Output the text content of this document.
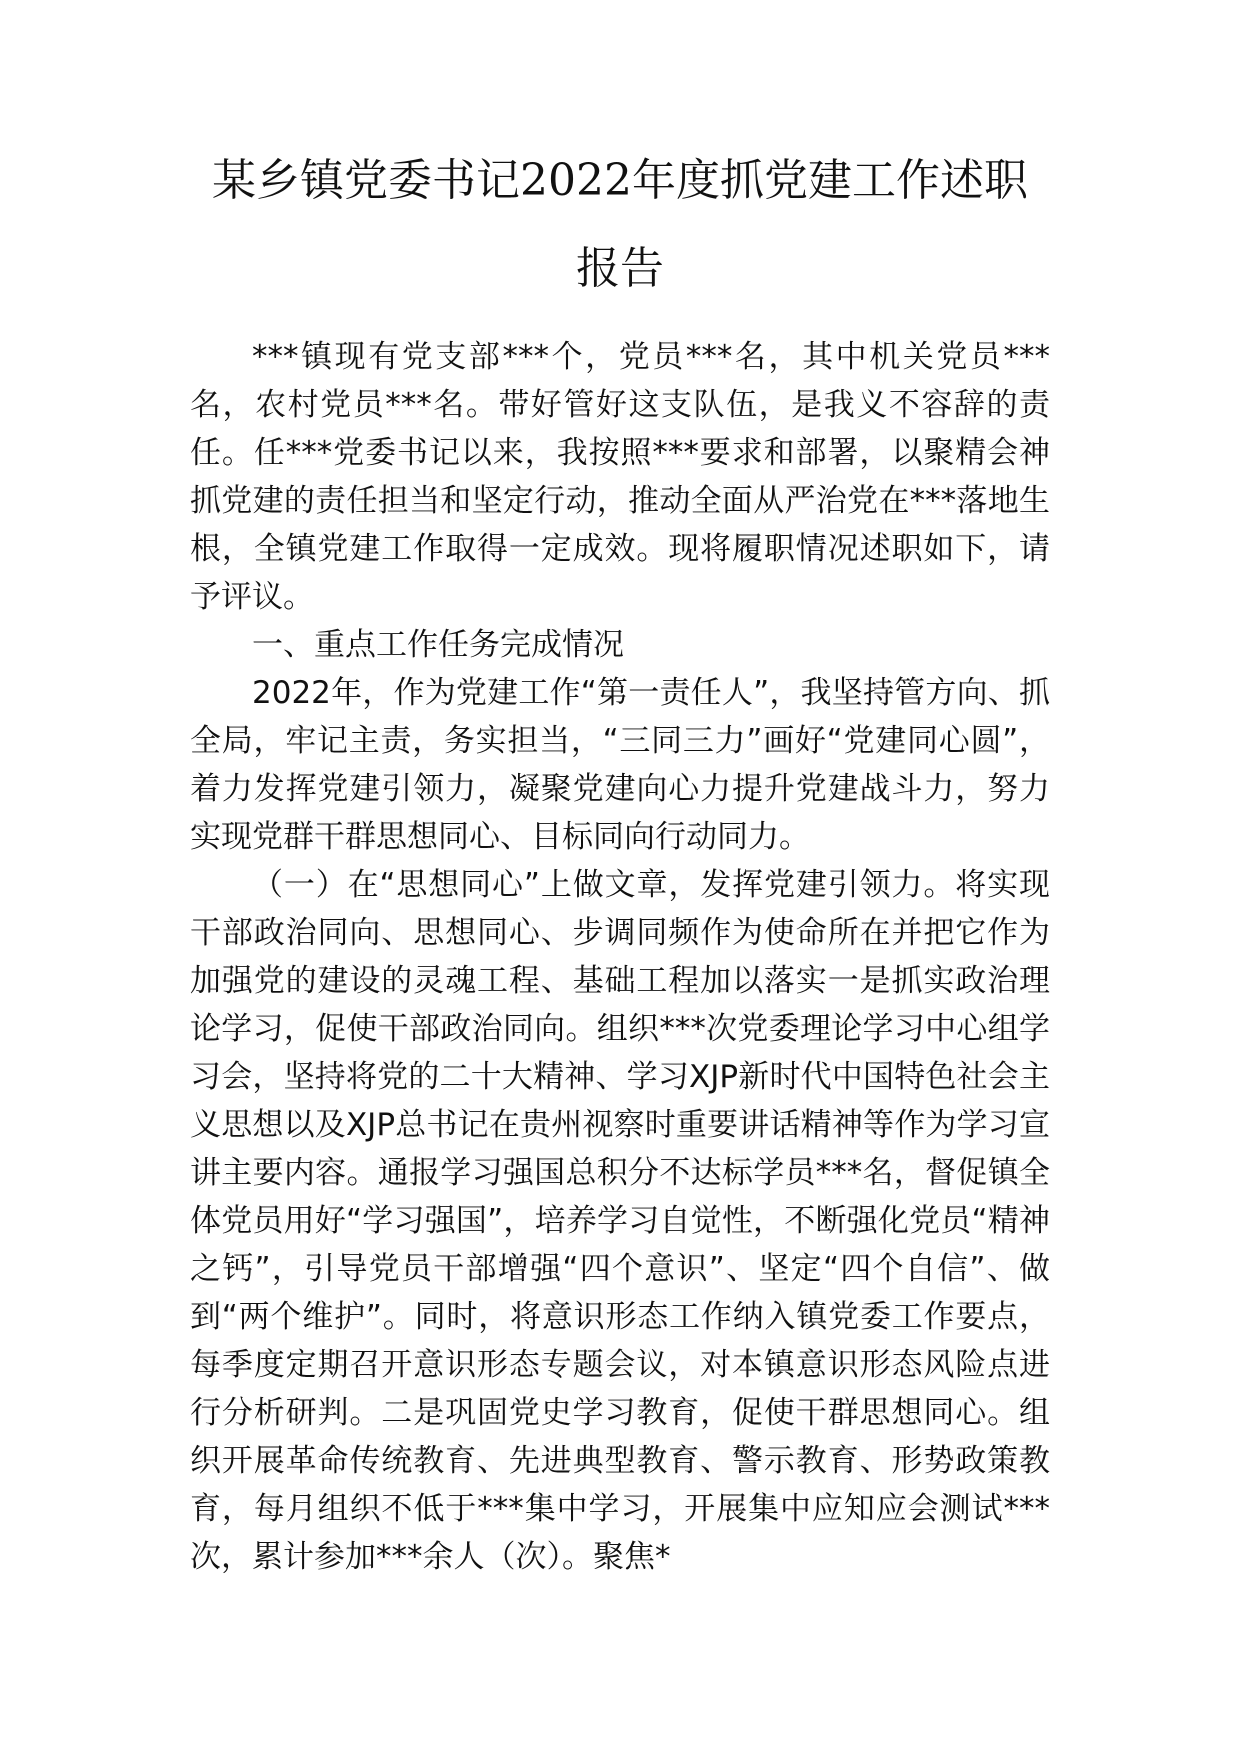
某乡镇党委书记2022年度抓党建工作述职
报告

***镇现有党支部***个，党员***名，其中机关党员***名，农村党员***名。带好管好这支队伍，是我义不容辞的责任。任***党委书记以来，我按照***要求和部署，以聚精会神抓党建的责任担当和坚定行动，推动全面从严治党在***落地生根，全镇党建工作取得一定成效。现将履职情况述职如下，请予评议。

一、重点工作任务完成情况

2022年，作为党建工作“第一责任人”，我坚持管方向、抓全局，牢记主责，务实担当，“三同三力”画好“党建同心圆”，着力发挥党建引领力，凝聚党建向心力提升党建战斗力，努力实现党群干群思想同心、目标同向行动同力。

（一）在“思想同心”上做文章，发挥党建引领力。将实现干部政治同向、思想同心、步调同频作为使命所在并把它作为加强党的建设的灵魂工程、基础工程加以落实一是抓实政治理论学习，促使干部政治同向。组织***次党委理论学习中心组学习会，坚持将党的二十大精神、学习XJP新时代中国特色社会主义思想以及XJP总书记在贵州视察时重要讲话精神等作为学习宣讲主要内容。通报学习强国总积分不达标学员***名，督促镇全体党员用好“学习强国”，培养学习自觉性，不断强化党员“精神之钙”，引导党员干部增强“四个意识”、坚定“四个自信”、做到“两个维护”。同时，将意识形态工作纳入镇党委工作要点，每季度定期召开意识形态专题会议，对本镇意识形态风险点进行分析研判。二是巩固党史学习教育，促使干群思想同心。组织开展革命传统教育、先进典型教育、警示教育、形势政策教育，每月组织不低于***集中学习，开展集中应知应会测试***次，累计参加***余人（次）。聚焦*
